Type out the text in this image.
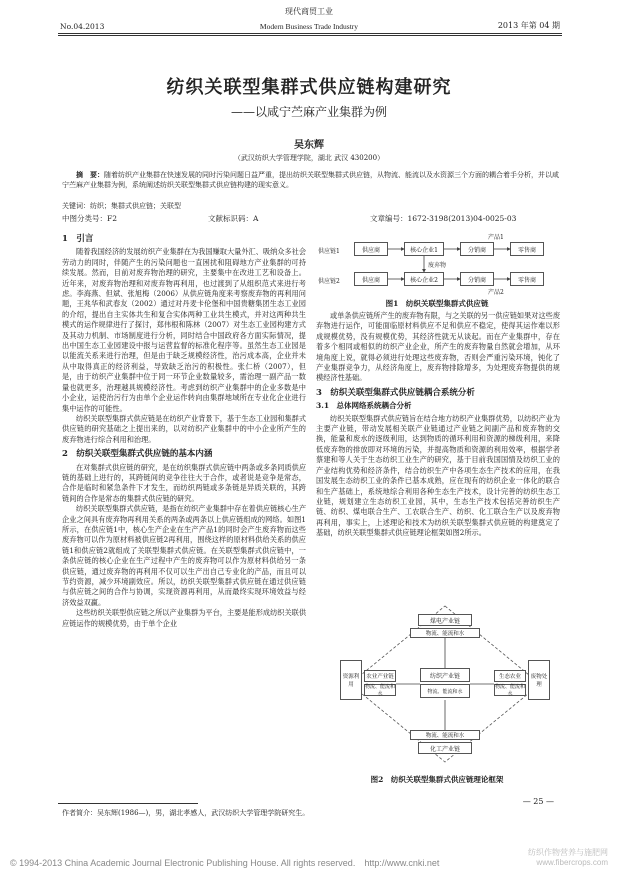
现代商贸工业
No.04.2013	Modern Business Trade Industry	2013 年第 04 期
纺织关联型集群式供应链构建研究
——以咸宁苎麻产业集群为例
吴东辉
（武汉纺织大学管理学院，湖北 武汉 430200）
摘　要：随着纺织产业集群在快速发展的同时污染问题日益严重，提出纺织关联型集群式供应链，从物流、能流以及水资源三个方面的耦合着手分析，并以咸宁苎麻产业集群为例，系统阐述纺织关联型集群式供应链构建的现实意义。
关键词：纺织；集群式供应链；关联型
中图分类号：F2	文献标识码：A	文章编号：1672-3198(2013)04-0025-03
1　引言

随着我国经济的发展纺织产业集群在为我国赚取大量外汇、吸纳众多社会劳动力的同时，伴随产生的污染问题也一直困扰和阻碍地方产业集群的可持续发展。然而，目前对废弃物治理的研究，主要集中在改进工艺和设备上。近年来，对废弃物治理和对废弃物再利用，也过渡到了从组织范式来进行考虑。李海燕、但斌、张旭梅（2006）从供应链角度来考察废弃物的再利用问题，王兆华和武春友（2002）通过对丹麦卡伦堡和中国贵糖集团生态工业园的介绍，提出自主实体共生和复合实体两种工业共生模式，并对这两种共生模式的运作规律进行了探讨，郑伟根和陈林（2007）对生态工业园构建方式及其动力机制、市场制度进行分析，同时结合中国政府各方面实际情况，提出中国生态工业园建设中报与运营监督的标准化程序等。虽然生态工业园是以能流关系来进行治理，但是由于缺乏规模经济性，治污成本高，企业并未从中取得真正的经济利益，导致缺乏治污的积极性。张仁桥（2007），但是，由于纺织产业集群中位于同一环节企业数量较多，需治理一副产品一数量也就更多，治理越具规模经济性。考虑到纺织产业集群中的企业多数是中小企业，运使治污行为由单个企业运作转向由集群地域所在专业化企业进行集中运作的可能性。

纺织关联型集群式供应链是在纺织产业背景下，基于生态工业园和集群式供应链的研究基础之上提出来的，以对纺织产业集群中的中小企业所产生的废弃物进行综合利用和治理。

2　纺织关联型集群式供应链的基本内涵

在对集群式供应链的研究，是在纺织集群式供应链中两条或多条同质供应链的基础上进行的，其跨链间的竞争往往大于合作，或者说是竞争是常态，合作是临时和紧急条件下才发生，而纺织两链或多条链是异质关联的，其跨链间的合作是常态的集群式供应链的研究。

纺织关联型集群式供应链，是指在纺织产业集群中存在着供应链核心生产企业之间具有废弃物再利用关系的两条或两条以上供应链组成的网络。如图1所示，在供应链1中，核心生产企业在生产产品1的同时会产生废弃物而这些废弃物可以作为原材料被供应链2再利用，围绕这样的原材料供给关系的供应链1和供应链2就组成了关联型集群式供应链。在关联型集群式供应链中，一条供应链的核心企业在生产过程中产生的废弃物可以作为原材料供给另一条供应链，通过废弃物的再利用不仅可以生产出自己专业化的产品，而且可以节约资源，减少环境副效应。所以，纺织关联型集群式供应链在通过供应链与供应链之间的合作与协调，实现资源再利用，从而最终实现环境效益与经济效益双赢。

这些纺织关联型供应链之所以产业集群为平台，主要是能形成纺织关联供应链运作的规模优势，由于单个企业

供应链1
供应链2
供应商	核心企业1	分销商	零售商
产品1
废弃物
供应商	核心企业2	分销商	零售商
产品2
图1　纺织关联型集群式供应链

或单条供应链所产生的废弃物有限，与之关联的另一供应链如果对这些废弃物进行运作，可能面临原材料供应不足和供应不稳定，使得其运作难以形成规模优势，没有规模优势，其经济性就无从谈起。而在产业集群中，存在着多个相同或相似的纺织产业企业，所产生的废弃物量自然就会增加，从环境角度上说，就得必须进行处理这些废弃物，否则会严重污染环境，钝化了产业集群竞争力，从经济角度上，废弃物排除增多，为处理废弃物提供的规模经济性基础。

3　纺织关联型集群式供应链耦合系统分析
3.1　总体网络系统耦合分析

纺织关联型集群式供应链旨在结合地方纺织产业集群优势，以纺织产业为主要产业链，带动发展相关联产业链通过产业链之间副产品和废弃物的交换，能量和废水的逐级利用，达到物质的循环利用和资源的梯级利用，来降低废弃物的排放即对环境的污染，并提高物质和资源的利用效率，根据学者蔡建和等人关于生态纺织工业生产的研究，基于目前我国国情及纺织工业的产业结构优势和经济条件，结合纺织生产中各项生态生产技术的应用，在我国发展生态纺织工业的条件已基本成熟，应在现有的纺织企业一体化的联合和生产基础上，系统地综合利用各种生态生产技术，设计完善的纺织生态工业链，规划建立生态纺织工业园，其中，生态生产技术包括完善纺织生产链、纺织、煤电联合生产、工农联合生产、纺织、化工联合生产以及废弃物再利用，事实上，上述理论和技术为纺织关联型集群式供应链的构建奠定了基础，纺织关联型集群式供应链理论框架如图2所示。

煤电产业链
物流、能流和水
资源利用
农业产业链
物流、能流和水
纺织产业链
物流、能流和水
生态农业
物流、能流和水
废物处理
物流、能流和水
化工产业链
图2　纺织关联型集群式供应链理论框架
— 25 —
作者简介：吴东辉(1986—)，男，湖北孝感人，武汉纺织大学管理学院研究生。
© 1994-2013 China Academic Journal Electronic Publishing House. All rights reserved.　http://www.cnki.net
纺织作物营养与施肥网
www.fibercrops.com
